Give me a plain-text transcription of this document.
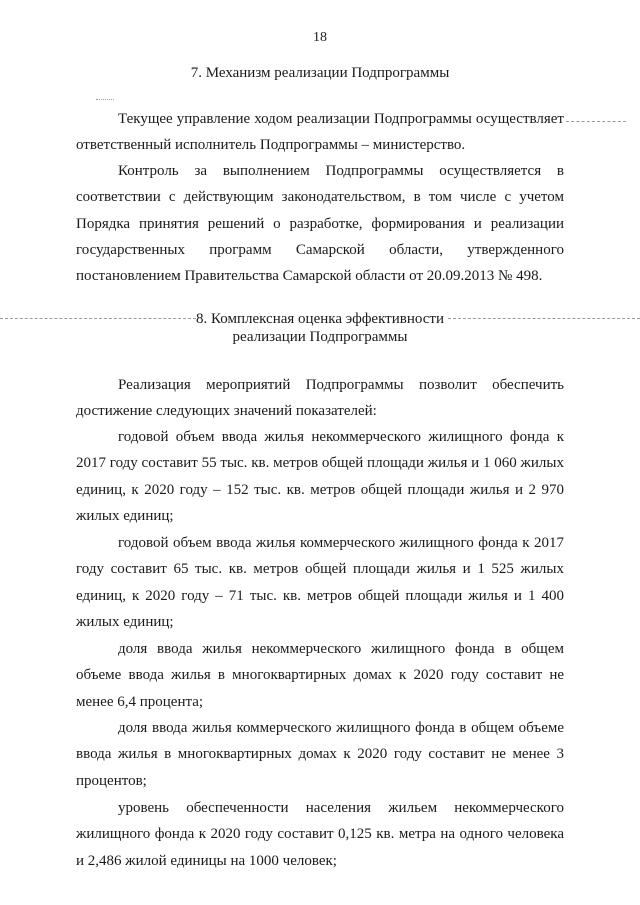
18
7. Механизм реализации Подпрограммы

Текущее управление ходом реализации Подпрограммы осуществляет ответственный исполнитель Подпрограммы – министерство.

Контроль за выполнением Подпрограммы осуществляется в соответствии с действующим законодательством, в том числе с учетом Порядка принятия решений о разработке, формирования и реализации государственных программ Самарской области, утвержденного постановлением Правительства Самарской области от 20.09.2013 № 498.

8. Комплексная оценка эффективности
реализации Подпрограммы

Реализация мероприятий Подпрограммы позволит обеспечить достижение следующих значений показателей:

годовой объем ввода жилья некоммерческого жилищного фонда к 2017 году составит 55 тыс. кв. метров общей площади жилья и 1 060 жилых единиц, к 2020 году – 152 тыс. кв. метров общей площади жилья и 2 970 жилых единиц;

годовой объем ввода жилья коммерческого жилищного фонда к 2017 году составит 65 тыс. кв. метров общей площади жилья и 1 525 жилых единиц, к 2020 году – 71 тыс. кв. метров общей площади жилья и 1 400 жилых единиц;

доля ввода жилья некоммерческого жилищного фонда в общем объеме ввода жилья в многоквартирных домах к 2020 году составит не менее 6,4 процента;

доля ввода жилья коммерческого жилищного фонда в общем объеме ввода жилья в многоквартирных домах к 2020 году составит не менее 3 процентов;

уровень обеспеченности населения жильем некоммерческого жилищного фонда к 2020 году составит 0,125 кв. метра на одного человека и 2,486 жилой единицы на 1000 человек;
